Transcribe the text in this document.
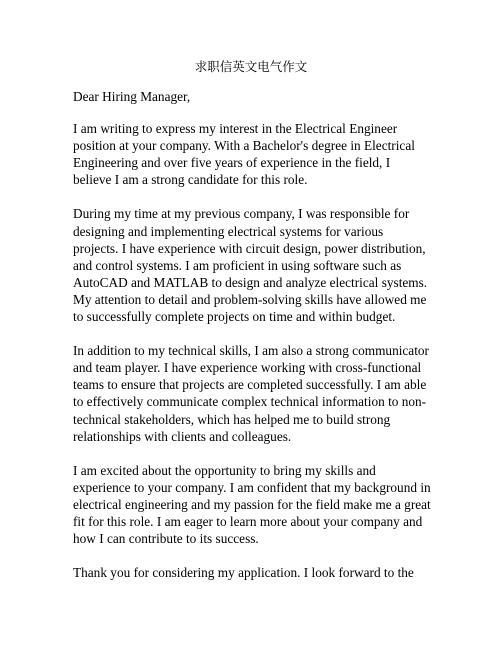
求职信英文电气作文

Dear Hiring Manager,

I am writing to express my interest in the Electrical Engineer position at your company. With a Bachelor's degree in Electrical Engineering and over five years of experience in the field, I believe I am a strong candidate for this role.

During my time at my previous company, I was responsible for designing and implementing electrical systems for various projects. I have experience with circuit design, power distribution, and control systems. I am proficient in using software such as AutoCAD and MATLAB to design and analyze electrical systems. My attention to detail and problem-solving skills have allowed me to successfully complete projects on time and within budget.

In addition to my technical skills, I am also a strong communicator and team player. I have experience working with cross-functional teams to ensure that projects are completed successfully. I am able to effectively communicate complex technical information to non-technical stakeholders, which has helped me to build strong relationships with clients and colleagues.

I am excited about the opportunity to bring my skills and experience to your company. I am confident that my background in electrical engineering and my passion for the field make me a great fit for this role. I am eager to learn more about your company and how I can contribute to its success.

Thank you for considering my application. I look forward to the
